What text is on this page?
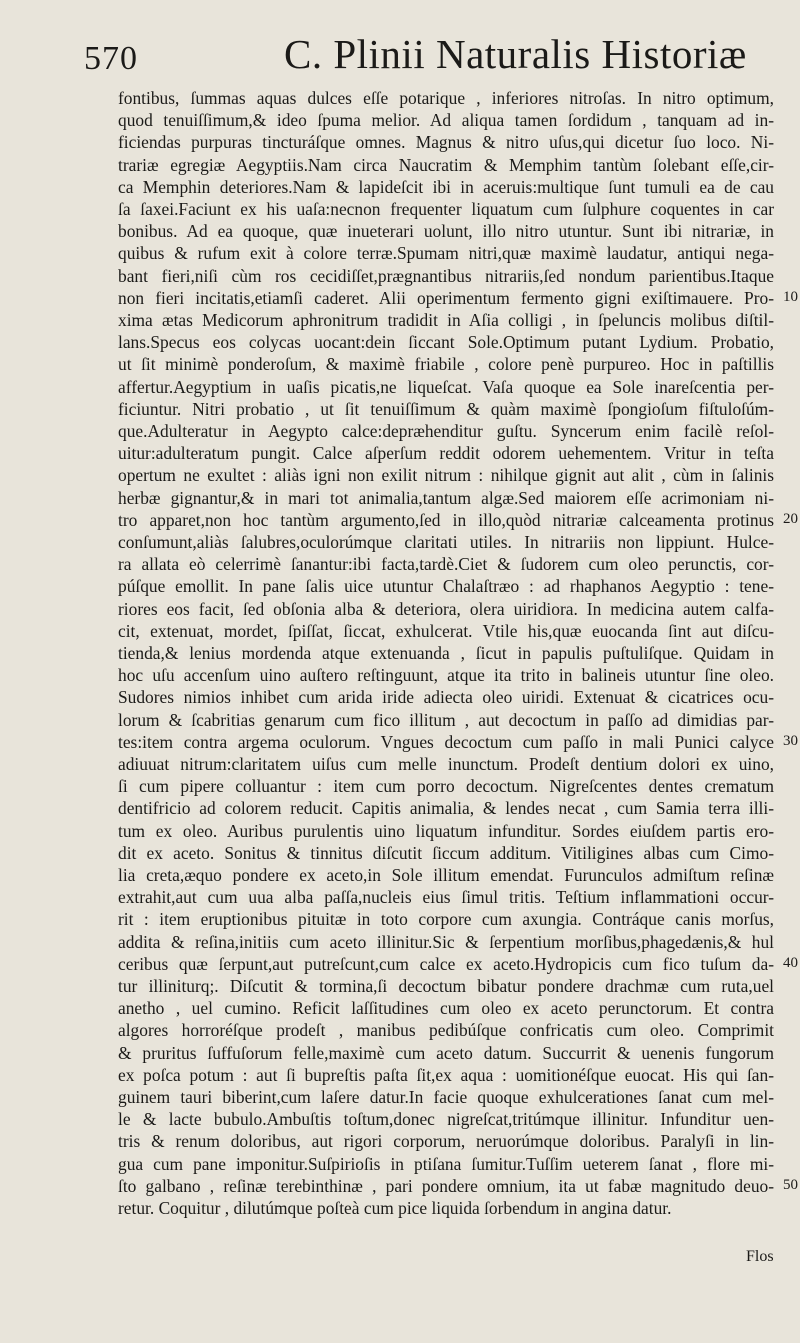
570	C. Plinii Naturalis Historiæ
fontibus, ſummas aquas dulces eſſe potarique , inferiores nitroſas. In nitro optimum,
quod tenuiſſimum,& ideo ſpuma melior. Ad aliqua tamen ſordidum , tanquam ad in-
ficiendas purpuras tincturáſque omnes. Magnus & nitro uſus,qui dicetur ſuo loco. Ni-
trariæ egregiæ Aegyptiis.Nam circa Naucratim & Memphim tantùm ſolebant eſſe,cir-
ca Memphin deteriores.Nam & lapideſcit ibi in aceruis:multique ſunt tumuli ea de cau
ſa ſaxei.Faciunt ex his uaſa:necnon frequenter liquatum cum ſulphure coquentes in car
bonibus. Ad ea quoque, quæ inueterari uolunt, illo nitro utuntur. Sunt ibi nitrariæ, in
quibus & rufum exit à colore terræ.Spumam nitri,quæ maximè laudatur, antiqui nega-
bant fieri,niſi cùm ros cecidiſſet,prægnantibus nitrariis,ſed nondum parientibus.Itaque
non fieri incitatis,etiamſi caderet. Alii operimentum fermento gigni exiſtimauere. Pro-
xima ætas Medicorum aphronitrum tradidit in Aſia colligi , in ſpeluncis molibus diſtil-
lans.Specus eos colycas uocant:dein ſiccant Sole.Optimum putant Lydium. Probatio,
ut ſit minimè ponderoſum, & maximè friabile , colore penè purpureo. Hoc in paſtillis
affertur.Aegyptium in uaſis picatis,ne liqueſcat. Vaſa quoque ea Sole inareſcentia per-
ficiuntur. Nitri probatio , ut ſit tenuiſſimum & quàm maximè ſpongioſum fiſtuloſúm-
que.Adulteratur in Aegypto calce:depræhenditur guſtu. Syncerum enim facilè reſol-
uitur:adulteratum pungit. Calce aſperſum reddit odorem uehementem. Vritur in teſta
opertum ne exultet : aliàs igni non exilit nitrum : nihilque gignit aut alit , cùm in ſalinis
herbæ gignantur,& in mari tot animalia,tantum algæ.Sed maiorem eſſe acrimoniam ni-
tro apparet,non hoc tantùm argumento,ſed in illo,quòd nitrariæ calceamenta protinus
conſumunt,aliàs ſalubres,oculorúmque claritati utiles. In nitrariis non lippiunt. Hulce-
ra allata eò celerrimè ſanantur:ibi facta,tardè.Ciet & ſudorem cum oleo perunctis, cor-
púſque emollit. In pane ſalis uice utuntur Chalaſtræo : ad rhaphanos Aegyptio : tene-
riores eos facit, ſed obſonia alba & deteriora, olera uiridiora. In medicina autem calfa-
cit, extenuat, mordet, ſpiſſat, ſiccat, exhulcerat. Vtile his,quæ euocanda ſint aut diſcu-
tienda,& lenius mordenda atque extenuanda , ſicut in papulis puſtuliſque. Quidam in
hoc uſu accenſum uino auſtero reſtinguunt, atque ita trito in balineis utuntur ſine oleo.
Sudores nimios inhibet cum arida iride adiecta oleo uiridi. Extenuat & cicatrices ocu-
lorum & ſcabritias genarum cum fico illitum , aut decoctum in paſſo ad dimidias par-
tes:item contra argema oculorum. Vngues decoctum cum paſſo in mali Punici calyce
adiuuat nitrum:claritatem uiſus cum melle inunctum. Prodeſt dentium dolori ex uino,
ſi cum pipere colluantur : item cum porro decoctum. Nigreſcentes dentes crematum
dentifricio ad colorem reducit. Capitis animalia, & lendes necat , cum Samia terra illi-
tum ex oleo. Auribus purulentis uino liquatum infunditur. Sordes eiuſdem partis ero-
dit ex aceto. Sonitus & tinnitus diſcutit ſiccum additum. Vitiligines albas cum Cimo-
lia creta,æquo pondere ex aceto,in Sole illitum emendat. Furunculos admiſtum reſinæ
extrahit,aut cum uua alba paſſa,nucleis eius ſimul tritis. Teſtium inflammationi occur-
rit : item eruptionibus pituitæ in toto corpore cum axungia. Contráque canis morſus,
addita & reſina,initiis cum aceto illinitur.Sic & ſerpentium morſibus,phagedænis,& hul
ceribus quæ ſerpunt,aut putreſcunt,cum calce ex aceto.Hydropicis cum fico tuſum da-
tur illiniturq;. Diſcutit & tormina,ſi decoctum bibatur pondere drachmæ cum ruta,uel
anetho , uel cumino. Reficit laſſitudines cum oleo ex aceto perunctorum. Et contra
algores horroréſque prodeſt , manibus pedibúſque confricatis cum oleo. Comprimit
& pruritus ſuffuſorum felle,maximè cum aceto datum. Succurrit & uenenis fungorum
ex poſca potum : aut ſi bupreſtis paſta ſit,ex aqua : uomitionéſque euocat. His qui ſan-
guinem tauri biberint,cum laſere datur.In facie quoque exhulcerationes ſanat cum mel-
le & lacte bubulo.Ambuſtis toſtum,donec nigreſcat,tritúmque illinitur. Infunditur uen-
tris & renum doloribus, aut rigori corporum, neruorúmque doloribus. Paralyſi in lin-
gua cum pane imponitur.Suſpirioſis in ptiſana ſumitur.Tuſſim ueterem ſanat , flore mi-
ſto galbano , reſinæ terebinthinæ , pari pondere omnium, ita ut fabæ magnitudo deuo-
retur. Coquitur , dilutúmque poſteà cum pice liquida ſorbendum in angina datur.
Flos
10
20
30
40
50
